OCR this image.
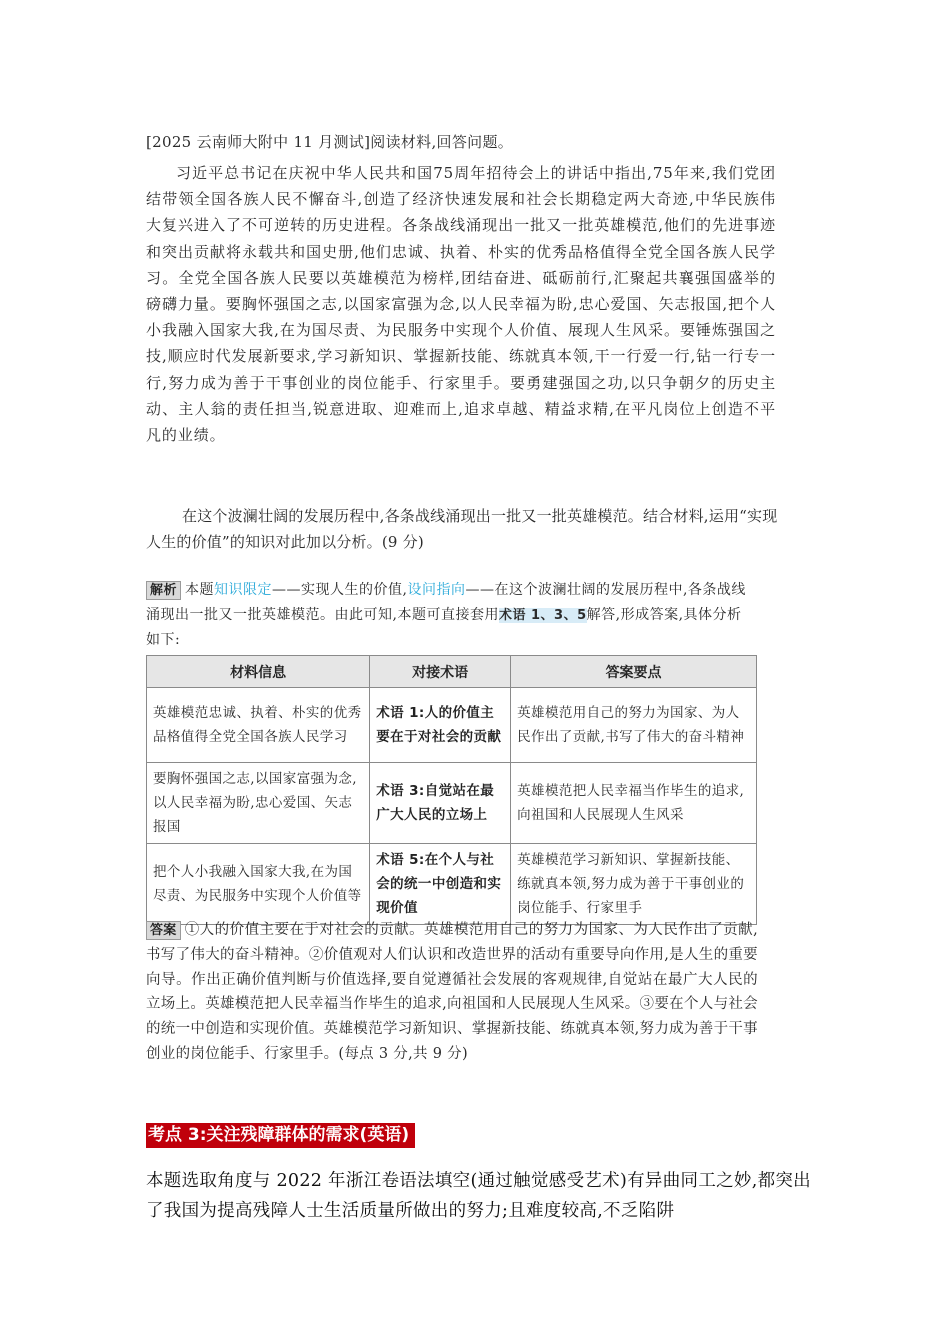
[2025 云南师大附中 11 月测试]阅读材料,回答问题。

习近平总书记在庆祝中华人民共和国75周年招待会上的讲话中指出,75年来,我们党团结带领全国各族人民不懈奋斗,创造了经济快速发展和社会长期稳定两大奇迹,中华民族伟大复兴进入了不可逆转的历史进程。各条战线涌现出一批又一批英雄模范,他们的先进事迹和突出贡献将永载共和国史册,他们忠诚、执着、朴实的优秀品格值得全党全国各族人民学习。全党全国各族人民要以英雄模范为榜样,团结奋进、砥砺前行,汇聚起共襄强国盛举的磅礴力量。要胸怀强国之志,以国家富强为念,以人民幸福为盼,忠心爱国、矢志报国,把个人小我融入国家大我,在为国尽责、为民服务中实现个人价值、展现人生风采。要锤炼强国之技,顺应时代发展新要求,学习新知识、掌握新技能、练就真本领,干一行爱一行,钻一行专一行,努力成为善于干事创业的岗位能手、行家里手。要勇建强国之功,以只争朝夕的历史主动、主人翁的责任担当,锐意进取、迎难而上,追求卓越、精益求精,在平凡岗位上创造不平凡的业绩。

在这个波澜壮阔的发展历程中,各条战线涌现出一批又一批英雄模范。结合材料,运用“实现人生的价值”的知识对此加以分析。(9 分)

解析 本题知识限定——实现人生的价值,设问指向——在这个波澜壮阔的发展历程中,各条战线涌现出一批又一批英雄模范。由此可知,本题可直接套用术语 1、3、5解答,形成答案,具体分析如下:

材料信息	对接术语	答案要点
英雄模范忠诚、执着、朴实的优秀品格值得全党全国各族人民学习	术语 1:人的价值主要在于对社会的贡献	英雄模范用自己的努力为国家、为人民作出了贡献,书写了伟大的奋斗精神
要胸怀强国之志,以国家富强为念,以人民幸福为盼,忠心爱国、矢志报国	术语 3:自觉站在最广大人民的立场上	英雄模范把人民幸福当作毕生的追求,向祖国和人民展现人生风采
把个人小我融入国家大我,在为国尽责、为民服务中实现个人价值等	术语 5:在个人与社会的统一中创造和实现价值	英雄模范学习新知识、掌握新技能、练就真本领,努力成为善于干事创业的岗位能手、行家里手

答案 ①人的价值主要在于对社会的贡献。英雄模范用自己的努力为国家、为人民作出了贡献,书写了伟大的奋斗精神。②价值观对人们认识和改造世界的活动有重要导向作用,是人生的重要向导。作出正确价值判断与价值选择,要自觉遵循社会发展的客观规律,自觉站在最广大人民的立场上。英雄模范把人民幸福当作毕生的追求,向祖国和人民展现人生风采。③要在个人与社会的统一中创造和实现价值。英雄模范学习新知识、掌握新技能、练就真本领,努力成为善于干事创业的岗位能手、行家里手。(每点 3 分,共 9 分)

考点 3:关注残障群体的需求(英语)

本题选取角度与 2022 年浙江卷语法填空(通过触觉感受艺术)有异曲同工之妙,都突出了我国为提高残障人士生活质量所做出的努力;且难度较高,不乏陷阱
